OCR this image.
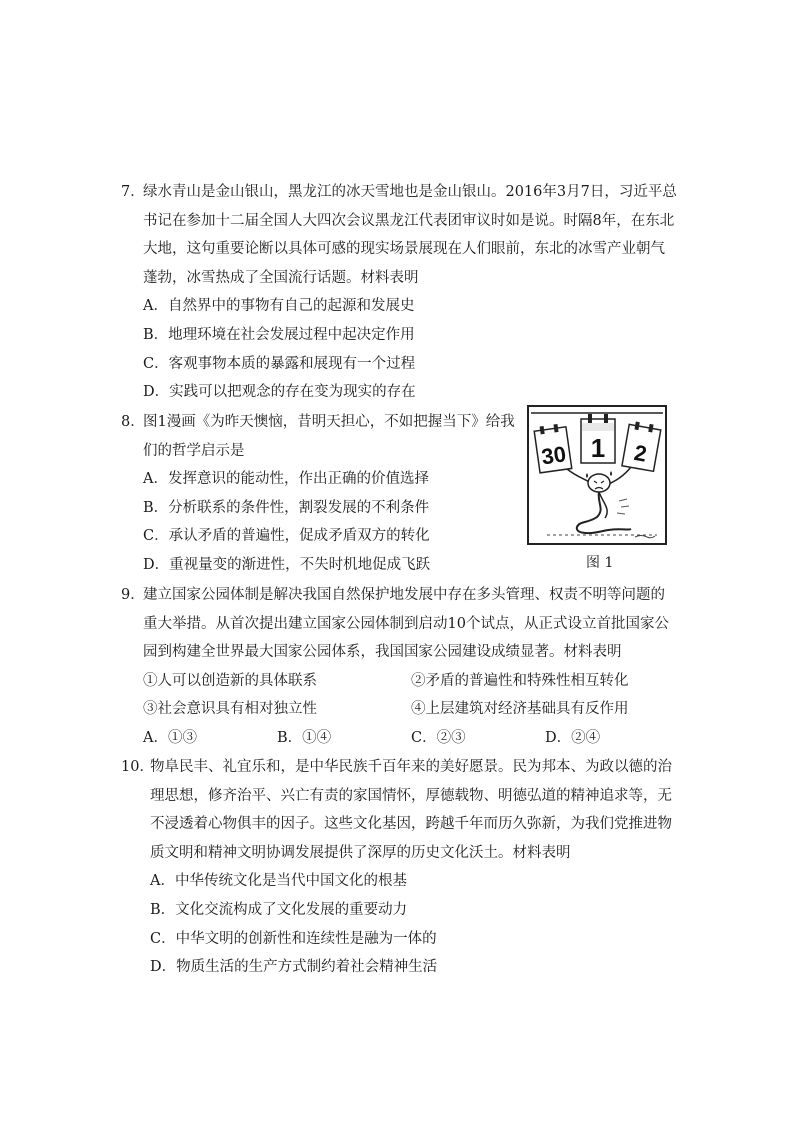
7．
绿水青山是金山银山，黑龙江的冰天雪地也是金山银山。2016年3月7日，习近平总书记在参加十二届全国人大四次会议黑龙江代表团审议时如是说。时隔8年，在东北大地，这句重要论断以具体可感的现实场景展现在人们眼前，东北的冰雪产业朝气蓬勃，冰雪热成了全国流行话题。材料表明
A．自然界中的事物有自己的起源和发展史
B．地理环境在社会发展过程中起决定作用
C．客观事物本质的暴露和展现有一个过程
D．实践可以把观念的存在变为现实的存在
8．
图1漫画《为昨天懊恼，昔明天担心，不如把握当下》给我们的哲学启示是
A．发挥意识的能动性，作出正确的价值选择
B．分析联系的条件性，割裂发展的不利条件
C．承认矛盾的普遍性，促成矛盾双方的转化
D．重视量变的渐进性，不失时机地促成飞跃
30 1 2
图 1
9．
建立国家公园体制是解决我国自然保护地发展中存在多头管理、权责不明等问题的重大举措。从首次提出建立国家公园体制到启动10个试点，从正式设立首批国家公园到构建全世界最大国家公园体系，我国国家公园建设成绩显著。材料表明
①人可以创造新的具体联系	②矛盾的普遍性和特殊性相互转化
③社会意识具有相对独立性	④上层建筑对经济基础具有反作用
A．①③	B．①④	C．②③	D．②④
10．
物阜民丰、礼宜乐和，是中华民族千百年来的美好愿景。民为邦本、为政以德的治理思想，修齐治平、兴亡有责的家国情怀，厚德载物、明德弘道的精神追求等，无不浸透着心物俱丰的因子。这些文化基因，跨越千年而历久弥新，为我们党推进物质文明和精神文明协调发展提供了深厚的历史文化沃土。材料表明
A．中华传统文化是当代中国文化的根基
B．文化交流构成了文化发展的重要动力
C．中华文明的创新性和连续性是融为一体的
D．物质生活的生产方式制约着社会精神生活
